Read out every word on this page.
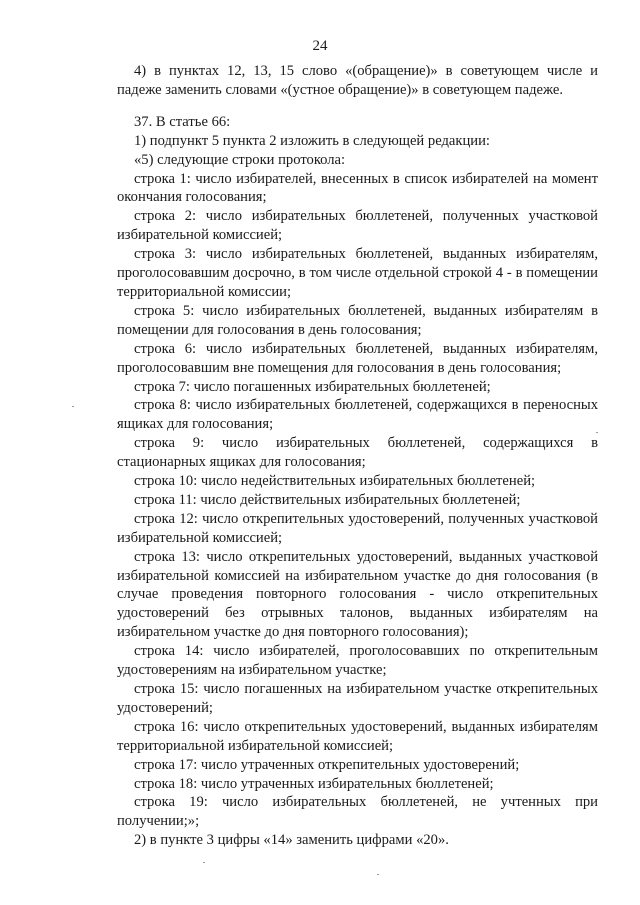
24

4) в пунктах 12, 13, 15 слово «(обращение)» в советующем числе и падеже заменить словами «(устное обращение)» в советующем падеже.

37. В статье 66:

1) подпункт 5 пункта 2 изложить в следующей редакции:

«5) следующие строки протокола:

строка 1: число избирателей, внесенных в список избирателей на момент окончания голосования;

строка 2: число избирательных бюллетеней, полученных участковой избирательной комиссией;

строка 3: число избирательных бюллетеней, выданных избирателям, проголосовавшим досрочно, в том числе отдельной строкой 4 - в помещении территориальной комиссии;

строка 5: число избирательных бюллетеней, выданных избирателям в помещении для голосования в день голосования;

строка 6: число избирательных бюллетеней, выданных избирателям, проголосовавшим вне помещения для голосования в день голосования;

строка 7: число погашенных избирательных бюллетеней;

строка 8: число избирательных бюллетеней, содержащихся в переносных ящиках для голосования;

строка 9: число избирательных бюллетеней, содержащихся в стационарных ящиках для голосования;

строка 10: число недействительных избирательных бюллетеней;

строка 11: число действительных избирательных бюллетеней;

строка 12: число открепительных удостоверений, полученных участковой избирательной комиссией;

строка 13: число открепительных удостоверений, выданных участковой избирательной комиссией на избирательном участке до дня голосования (в случае проведения повторного голосования - число открепительных удостоверений без отрывных талонов, выданных избирателям на избирательном участке до дня повторного голосования);

строка 14: число избирателей, проголосовавших по открепительным удостоверениям на избирательном участке;

строка 15: число погашенных на избирательном участке открепительных удостоверений;

строка 16: число открепительных удостоверений, выданных избирателям территориальной избирательной комиссией;

строка 17: число утраченных открепительных удостоверений;

строка 18: число утраченных избирательных бюллетеней;

строка 19: число избирательных бюллетеней, не учтенных при получении;»;

2) в пункте 3 цифры «14» заменить цифрами «20».
